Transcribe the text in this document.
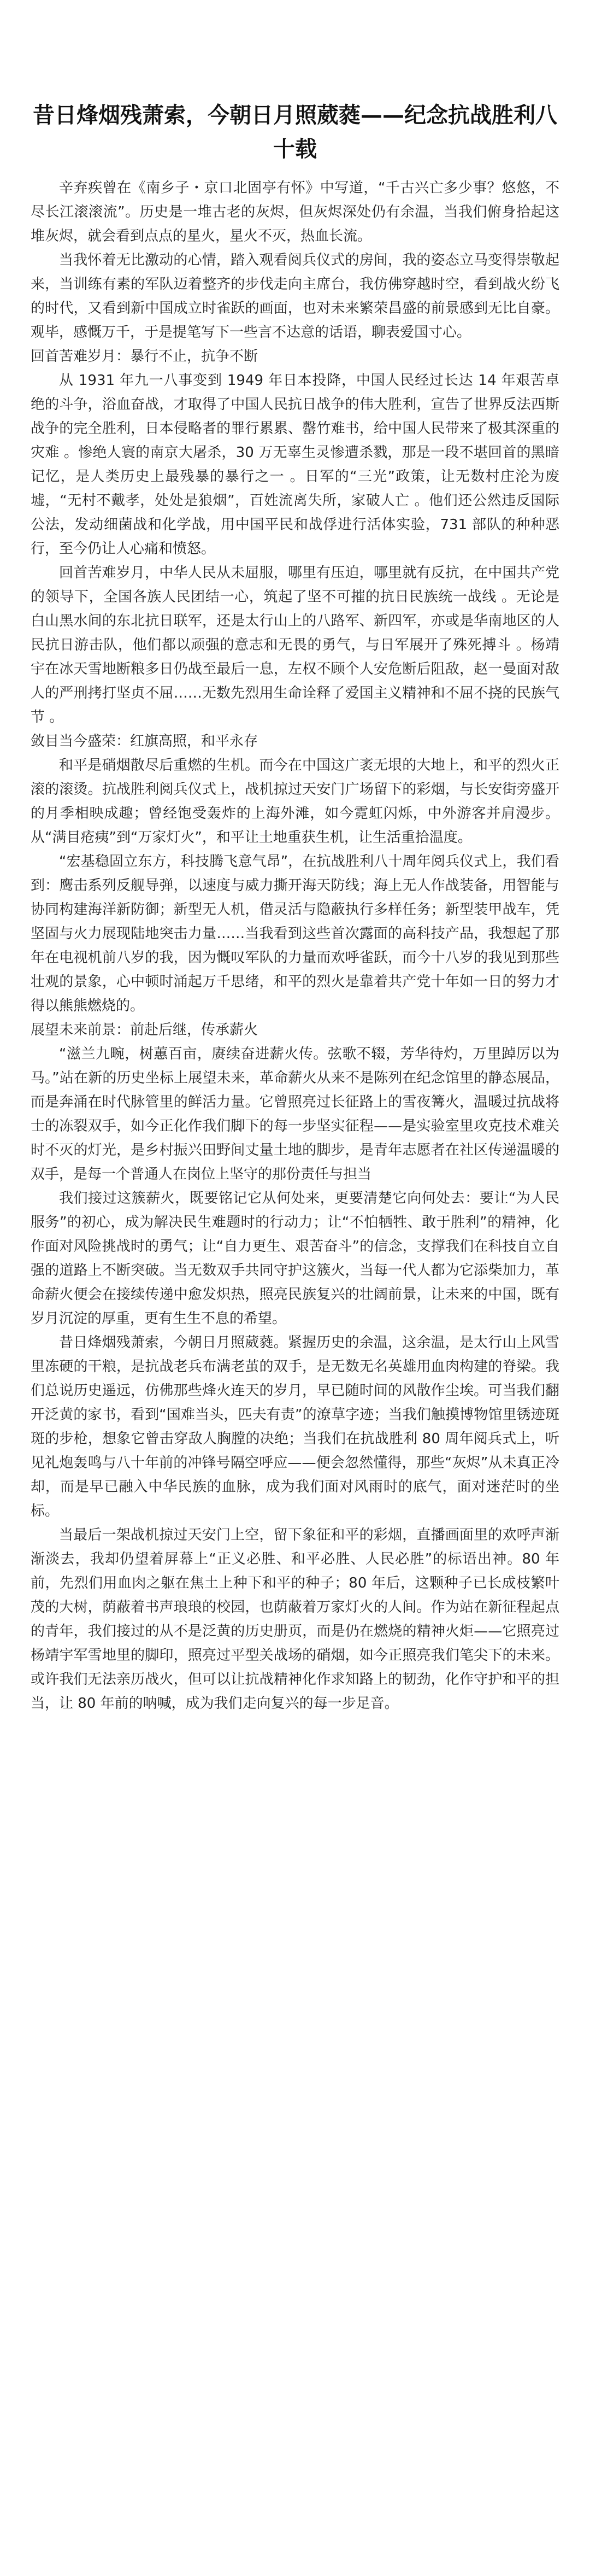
昔日烽烟残萧索，今朝日月照葳蕤——纪念抗战胜利八十载

辛弃疾曾在《南乡子・京口北固亭有怀》中写道，“千古兴亡多少事？悠悠，不尽长江滚滚流”。历史是一堆古老的灰烬，但灰烬深处仍有余温，当我们俯身拾起这堆灰烬，就会看到点点的星火，星火不灭，热血长流。

当我怀着无比激动的心情，踏入观看阅兵仪式的房间，我的姿态立马变得崇敬起来，当训练有素的军队迈着整齐的步伐走向主席台，我仿佛穿越时空，看到战火纷飞的时代，又看到新中国成立时雀跃的画面，也对未来繁荣昌盛的前景感到无比自豪。观毕，感慨万千，于是提笔写下一些言不达意的话语，聊表爱国寸心。

回首苦难岁月：暴行不止，抗争不断

从 1931 年九一八事变到 1949 年日本投降，中国人民经过长达 14 年艰苦卓绝的斗争，浴血奋战，才取得了中国人民抗日战争的伟大胜利，宣告了世界反法西斯战争的完全胜利，日本侵略者的罪行累累、罄竹难书，给中国人民带来了极其深重的灾难 。惨绝人寰的南京大屠杀，30 万无辜生灵惨遭杀戮，那是一段不堪回首的黑暗记忆，是人类历史上最残暴的暴行之一 。日军的“三光”政策，让无数村庄沦为废墟，“无村不戴孝，处处是狼烟”，百姓流离失所，家破人亡 。他们还公然违反国际公法，发动细菌战和化学战，用中国平民和战俘进行活体实验，731 部队的种种恶行，至今仍让人心痛和愤怒。

回首苦难岁月，中华人民从未屈服，哪里有压迫，哪里就有反抗，在中国共产党的领导下，全国各族人民团结一心，筑起了坚不可摧的抗日民族统一战线 。无论是白山黑水间的东北抗日联军，还是太行山上的八路军、新四军，亦或是华南地区的人民抗日游击队，他们都以顽强的意志和无畏的勇气，与日军展开了殊死搏斗 。杨靖宇在冰天雪地断粮多日仍战至最后一息，左权不顾个人安危断后阻敌，赵一曼面对敌人的严刑拷打坚贞不屈……无数先烈用生命诠释了爱国主义精神和不屈不挠的民族气节 。

敛目当今盛荣：红旗高照，和平永存

和平是硝烟散尽后重燃的生机。而今在中国这广袤无垠的大地上，和平的烈火正滚的滚烫。抗战胜利阅兵仪式上，战机掠过天安门广场留下的彩烟，与长安街旁盛开的月季相映成趣；曾经饱受轰炸的上海外滩，如今霓虹闪烁，中外游客并肩漫步。从“满目疮痍”到“万家灯火”，和平让土地重获生机，让生活重拾温度。

“宏基稳固立东方，科技腾飞意气昂”，在抗战胜利八十周年阅兵仪式上，我们看到：鹰击系列反舰导弹，以速度与威力撕开海天防线；海上无人作战装备，用智能与协同构建海洋新防御；新型无人机，借灵活与隐蔽执行多样任务；新型装甲战车，凭坚固与火力展现陆地突击力量……当我看到这些首次露面的高科技产品，我想起了那年在电视机前八岁的我，因为慨叹军队的力量而欢呼雀跃，而今十八岁的我见到那些壮观的景象，心中顿时涌起万千思绪，和平的烈火是靠着共产党十年如一日的努力才得以熊熊燃烧的。

展望未来前景：前赴后继，传承薪火

“滋兰九畹，树蕙百亩，赓续奋进薪火传。弦歌不辍，芳华待灼，万里踔厉以为马。”站在新的历史坐标上展望未来，革命薪火从来不是陈列在纪念馆里的静态展品，而是奔涌在时代脉管里的鲜活力量。它曾照亮过长征路上的雪夜篝火，温暖过抗战将士的冻裂双手，如今正化作我们脚下的每一步坚实征程——是实验室里攻克技术难关时不灭的灯光，是乡村振兴田野间丈量土地的脚步，是青年志愿者在社区传递温暖的双手，是每一个普通人在岗位上坚守的那份责任与担当

我们接过这簇薪火，既要铭记它从何处来，更要清楚它向何处去：要让“为人民服务”的初心，成为解决民生难题时的行动力；让“不怕牺牲、敢于胜利”的精神，化作面对风险挑战时的勇气；让“自力更生、艰苦奋斗”的信念，支撑我们在科技自立自强的道路上不断突破。当无数双手共同守护这簇火，当每一代人都为它添柴加力，革命薪火便会在接续传递中愈发炽热，照亮民族复兴的壮阔前景，让未来的中国，既有岁月沉淀的厚重，更有生生不息的希望。

昔日烽烟残萧索，今朝日月照葳蕤。紧握历史的余温，这余温，是太行山上风雪里冻硬的干粮，是抗战老兵布满老茧的双手，是无数无名英雄用血肉构建的脊梁。我们总说历史遥远，仿佛那些烽火连天的岁月，早已随时间的风散作尘埃。可当我们翻开泛黄的家书，看到“国难当头，匹夫有责”的潦草字迹；当我们触摸博物馆里锈迹斑斑的步枪，想象它曾击穿敌人胸膛的决绝；当我们在抗战胜利 80 周年阅兵式上，听见礼炮轰鸣与八十年前的冲锋号隔空呼应——便会忽然懂得，那些“灰烬”从未真正冷却，而是早已融入中华民族的血脉，成为我们面对风雨时的底气，面对迷茫时的坐标。

当最后一架战机掠过天安门上空，留下象征和平的彩烟，直播画面里的欢呼声渐渐淡去，我却仍望着屏幕上“正义必胜、和平必胜、人民必胜”的标语出神。80 年前，先烈们用血肉之躯在焦土上种下和平的种子；80 年后，这颗种子已长成枝繁叶茂的大树，荫蔽着书声琅琅的校园，也荫蔽着万家灯火的人间。作为站在新征程起点的青年，我们接过的从不是泛黄的历史册页，而是仍在燃烧的精神火炬——它照亮过杨靖宇军雪地里的脚印，照亮过平型关战场的硝烟，如今正照亮我们笔尖下的未来。或许我们无法亲历战火，但可以让抗战精神化作求知路上的韧劲，化作守护和平的担当，让 80 年前的呐喊，成为我们走向复兴的每一步足音。
